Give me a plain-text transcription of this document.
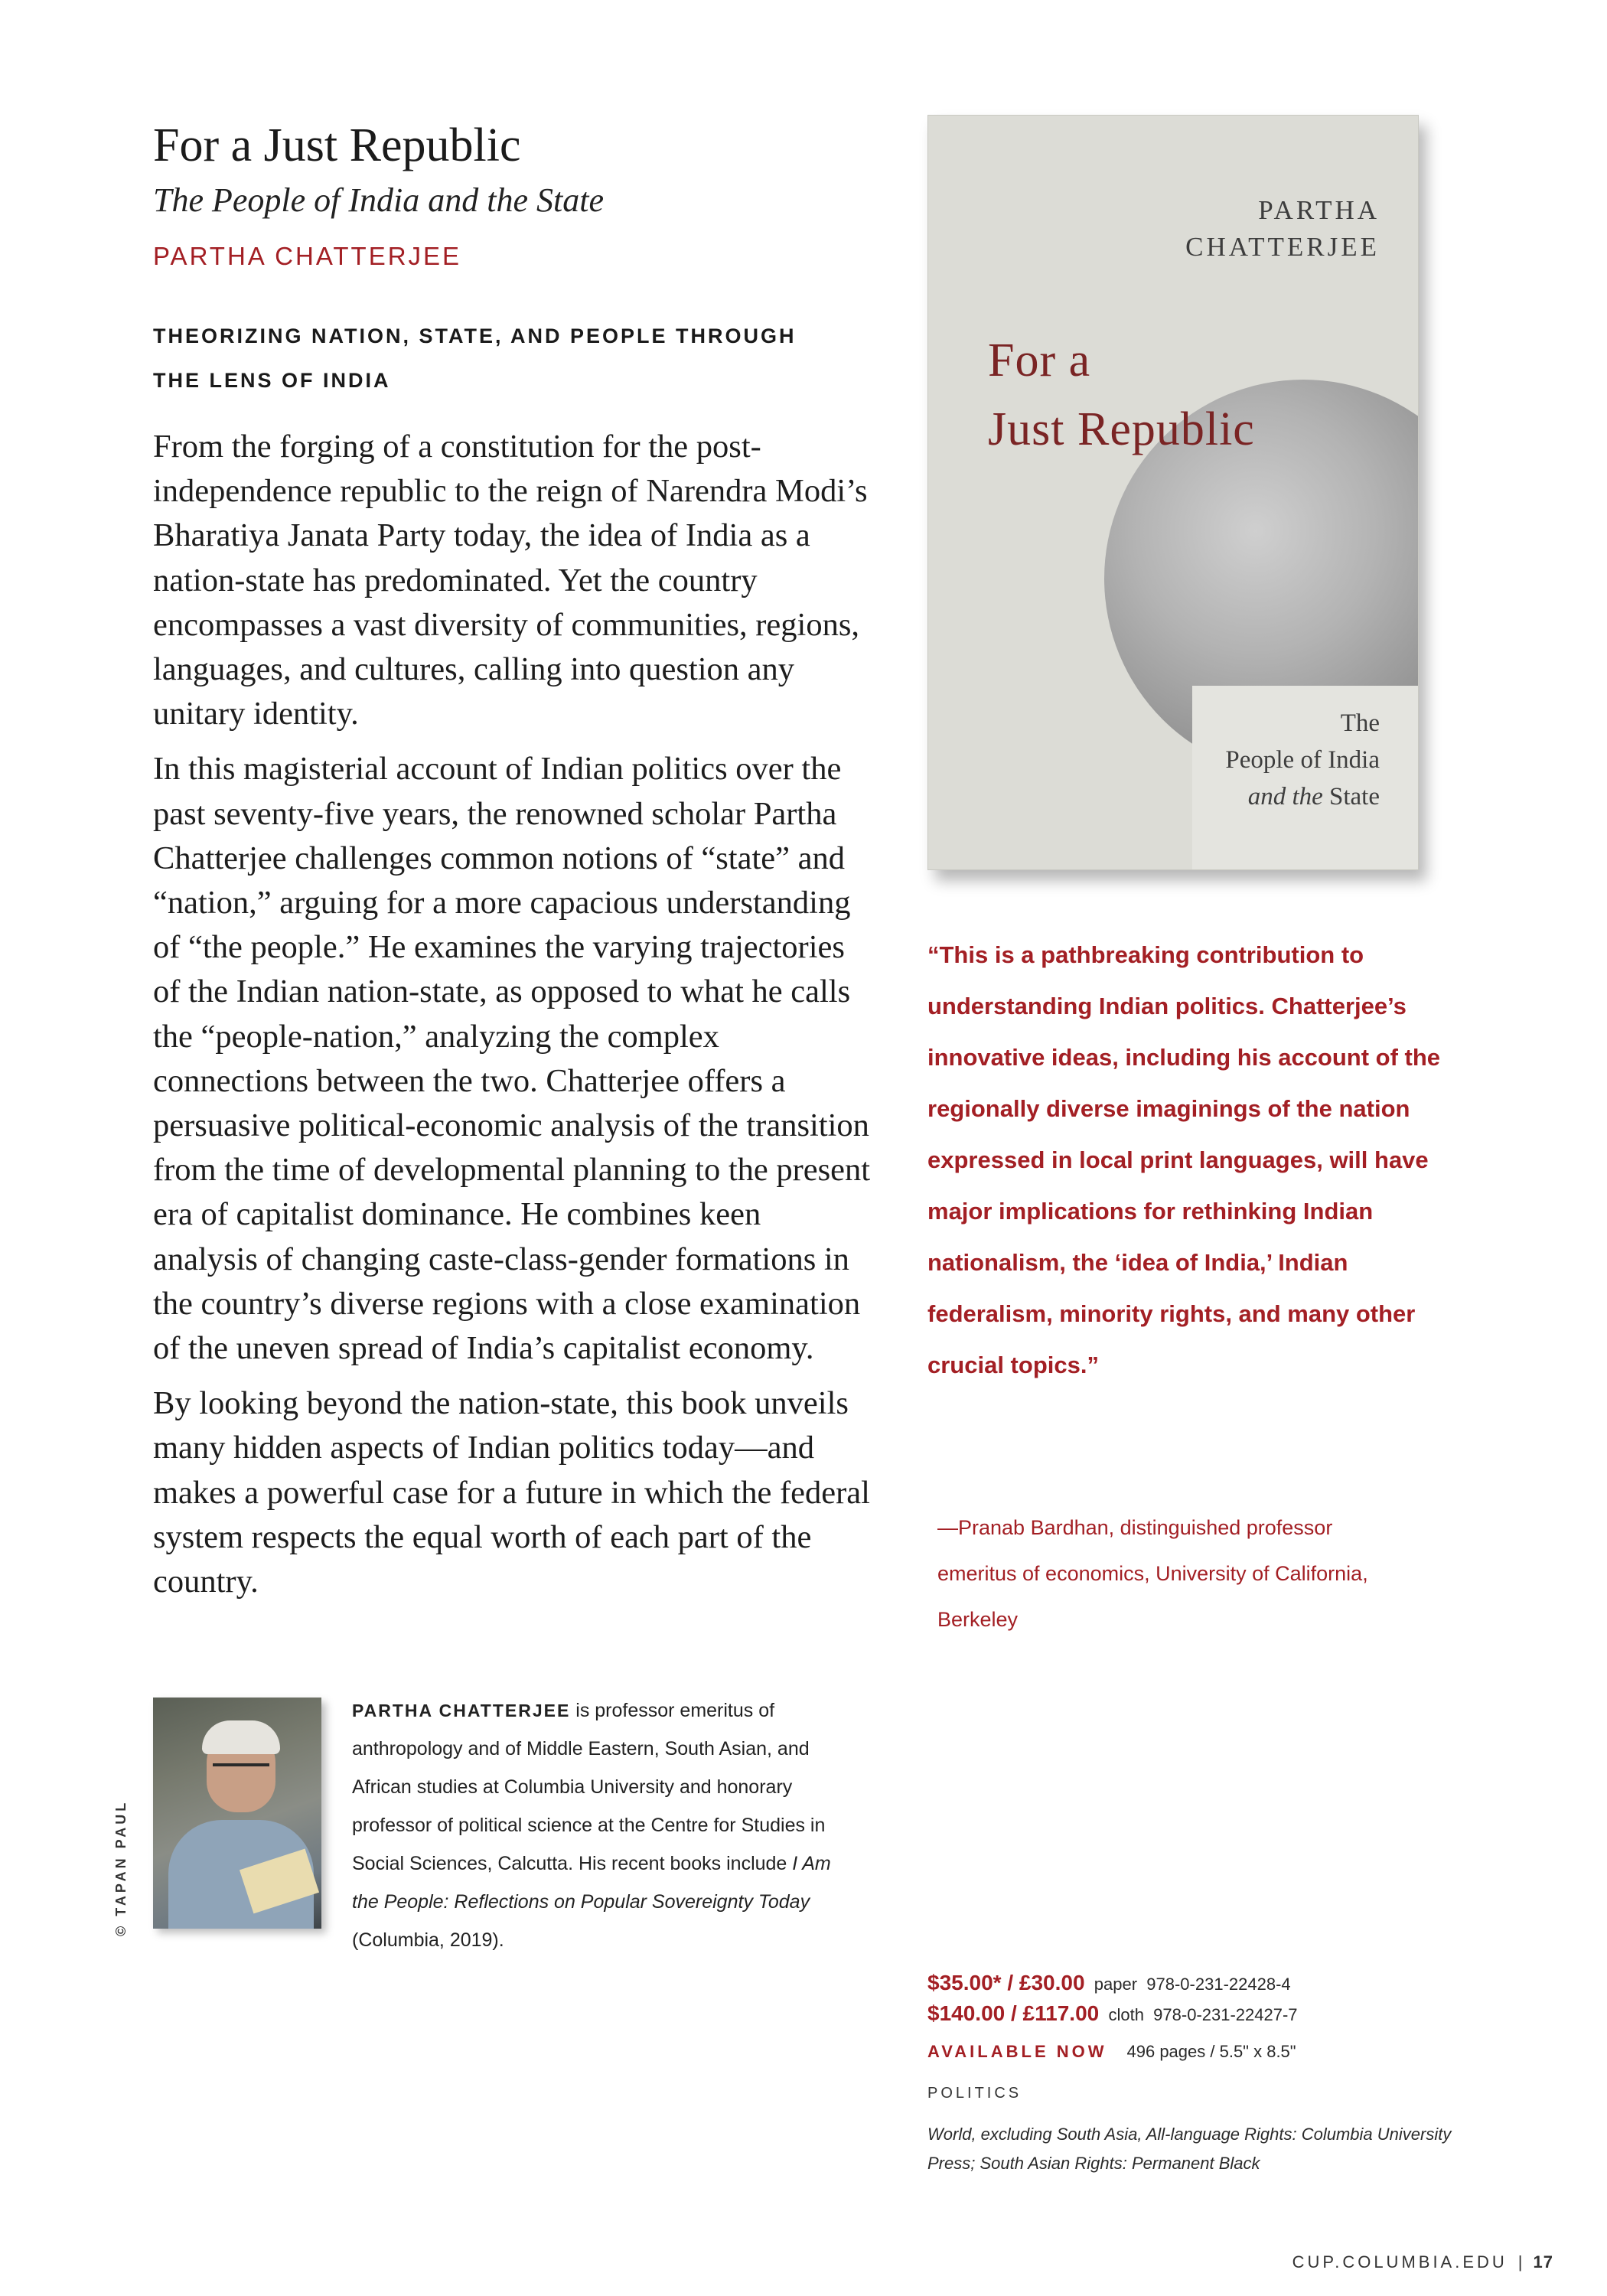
For a Just Republic
The People of India and the State
PARTHA CHATTERJEE
THEORIZING NATION, STATE, AND PEOPLE THROUGH THE LENS OF INDIA

From the forging of a constitution for the post-independence republic to the reign of Narendra Modi’s Bharatiya Janata Party today, the idea of India as a nation-state has predominated. Yet the country encompasses a vast diversity of communities, regions, languages, and cultures, calling into question any unitary identity.

In this magisterial account of Indian politics over the past seventy-five years, the renowned scholar Partha Chatterjee challenges common notions of “state” and “nation,” arguing for a more capacious understanding of “the people.” He examines the varying trajectories of the Indian nation-state, as opposed to what he calls the “people-nation,” analyzing the complex connections between the two. Chatterjee offers a persuasive political-economic analysis of the transition from the time of developmental planning to the present era of capitalist dominance. He combines keen analysis of changing caste-class-gender formations in the country’s diverse regions with a close examination of the uneven spread of India’s capitalist economy.

By looking beyond the nation-state, this book unveils many hidden aspects of Indian politics today—and makes a powerful case for a future in which the federal system respects the equal worth of each part of the country.

© TAPAN PAUL
PARTHA CHATTERJEE is professor emeritus of anthropology and of Middle Eastern, South Asian, and African studies at Columbia University and honorary professor of political science at the Centre for Studies in Social Sciences, Calcutta. His recent books include I Am the People: Reflections on Popular Sovereignty Today (Columbia, 2019).
PARTHA
CHATTERJEE
For a
Just Republic
The
People of India
and the State
“This is a pathbreaking contribution to understanding Indian politics. Chatterjee’s innovative ideas, including his account of the regionally diverse imaginings of the nation expressed in local print languages, will have major implications for rethinking Indian nationalism, the ‘idea of India,’ Indian federalism, minority rights, and many other crucial topics.”
—Pranab Bardhan, distinguished professor emeritus of economics, University of California, Berkeley
$35.00* / £30.00 paper 978-0-231-22428-4
$140.00 / £117.00 cloth 978-0-231-22427-7
AVAILABLE NOW 496 pages / 5.5" x 8.5"
POLITICS
World, excluding South Asia, All-language Rights: Columbia University Press; South Asian Rights: Permanent Black
CUP.COLUMBIA.EDU | 17
